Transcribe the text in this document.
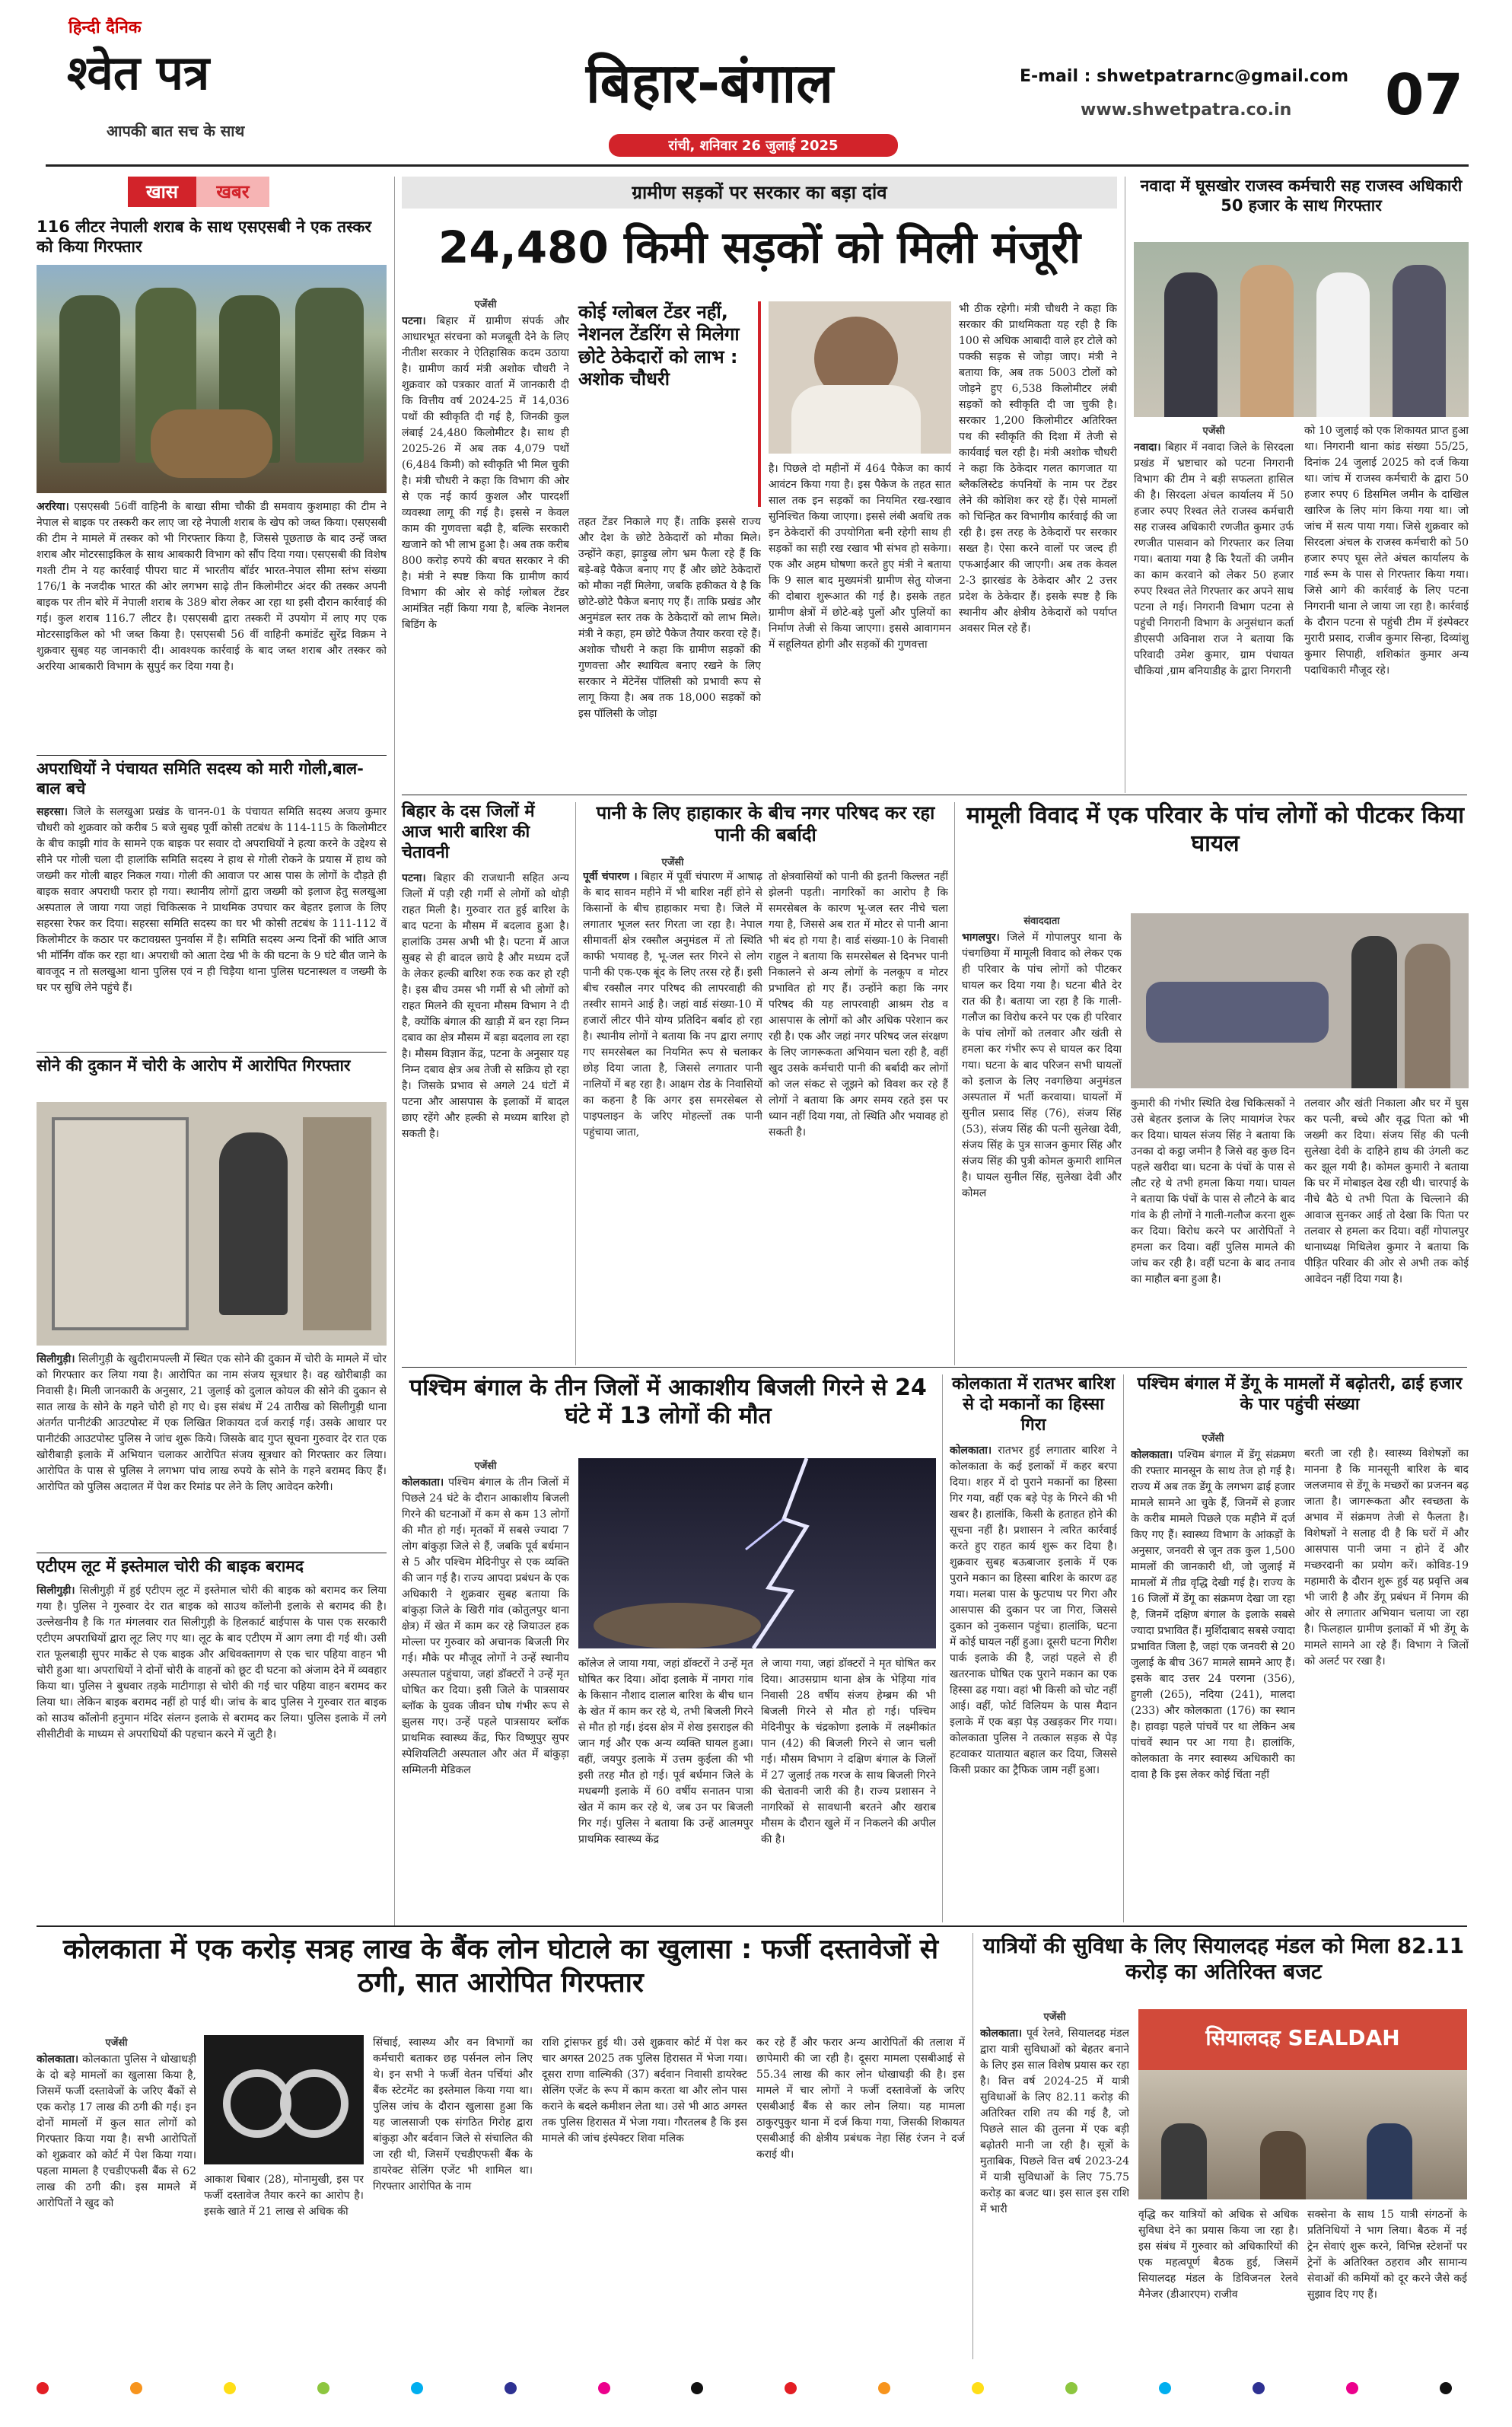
हिन्दी दैनिक
श्वेत पत्र
आपकी बात सच के साथ
बिहार-बंगाल
रांची, शनिवार 26 जुलाई 2025
E-mail : shwetpatrarnc@gmail.com
www.shwetpatra.co.in 07
खास	खबर
116 लीटर नेपाली शराब के साथ एसएसबी ने एक तस्कर को किया गिरफ्तार
अररिया। एसएसबी 56वीं वाहिनी के बाखा सीमा चौकी डी समवाय कुशमाहा की टीम ने नेपाल से बाइक पर तस्करी कर लाए जा रहे नेपाली शराब के खेप को जब्त किया। एसएसबी की टीम ने मामले में तस्कर को भी गिरफ्तार किया है, जिससे पूछताछ के बाद उन्हें जब्त शराब और मोटरसाइकिल के साथ आबकारी विभाग को सौंप दिया गया। एसएसबी की विशेष गश्ती टीम ने यह कार्रवाई पीपरा घाट में भारतीय बॉर्डर भारत-नेपाल सीमा स्तंभ संख्या 176/1 के नजदीक भारत की ओर लगभग साढ़े तीन किलोमीटर अंदर की तस्कर अपनी बाइक पर तीन बोरे में नेपाली शराब के 389 बोरा लेकर आ रहा था इसी दौरान कार्रवाई की गई। कुल शराब 116.7 लीटर है। एसएसबी द्वारा तस्करी में उपयोग में लाए गए एक मोटरसाइकिल को भी जब्त किया है। एसएसबी 56 वीं वाहिनी कमांडेंट सुरेंद्र विक्रम ने शुक्रवार सुबह यह जानकारी दी। आवश्यक कार्रवाई के बाद जब्त शराब और तस्कर को अररिया आबकारी विभाग के सुपुर्द कर दिया गया है।
अपराधियों ने पंचायत समिति सदस्य को मारी गोली,बाल-बाल बचे
सहरसा। जिले के सलखुआ प्रखंड के चानन-01 के पंचायत समिति सदस्य अजय कुमार चौधरी को शुक्रवार को करीब 5 बजे सुबह पूर्वी कोसी तटबंध के 114-115 के किलोमीटर के बीच काझी गांव के सामने एक बाइक पर सवार दो अपराधियों ने हत्या करने के उद्देश्य से सीने पर गोली चला दी हालांकि समिति सदस्य ने हाथ से गोली रोकने के प्रयास में हाथ को जख्मी कर गोली बाहर निकल गया। गोली की आवाज पर आस पास के लोगों के दौड़ते ही बाइक सवार अपराधी फरार हो गया। स्थानीय लोगों द्वारा जख्मी को इलाज हेतु सलखुआ अस्पताल ले जाया गया जहां चिकित्सक ने प्राथमिक उपचार कर बेहतर इलाज के लिए सहरसा रेफर कर दिया। सहरसा समिति सदस्य का घर भी कोसी तटबंध के 111-112 वें किलोमीटर के कठार पर कटावग्रस्त पुनर्वास में है। समिति सदस्य अन्य दिनों की भांति आज भी मॉर्निंग वॉक कर रहा था। अपराधी को आता देख भी के की घटना के 9 घंटे बीत जाने के बावजूद न तो सलखुआ थाना पुलिस एवं न ही चिड़ैया थाना पुलिस घटनास्थल व जख्मी के घर पर सुधि लेने पहुंचे हैं।
सोने की दुकान में चोरी के आरोप में आरोपित गिरफ्तार
सिलीगुड़ी। सिलीगुड़ी के खुदीरामपल्ली में स्थित एक सोने की दुकान में चोरी के मामले में चोर को गिरफ्तार कर लिया गया है। आरोपित का नाम संजय सूत्रधार है। वह खोरीबाड़ी का निवासी है। मिली जानकारी के अनुसार, 21 जुलाई को दुलाल कोयल की सोने की दुकान से सात लाख के सोने के गहने चोरी हो गए थे। इस संबंध में 24 तारीख को सिलीगुड़ी थाना अंतर्गत पानीटंकी आउटपोस्ट में एक लिखित शिकायत दर्ज कराई गई। उसके आधार पर पानीटंकी आउटपोस्ट पुलिस ने जांच शुरू किये। जिसके बाद गुप्त सूचना गुरुवार देर रात एक खोरीबाड़ी इलाके में अभियान चलाकर आरोपित संजय सूत्रधार को गिरफ्तार कर लिया। आरोपित के पास से पुलिस ने लगभग पांच लाख रुपये के सोने के गहने बरामद किए हैं। आरोपित को पुलिस अदालत में पेश कर रिमांड पर लेने के लिए आवेदन करेगी।
एटीएम लूट में इस्तेमाल चोरी की बाइक बरामद
सिलीगुड़ी। सिलीगुड़ी में हुई एटीएम लूट में इस्तेमाल चोरी की बाइक को बरामद कर लिया गया है। पुलिस ने गुरुवार देर रात बाइक को साउथ कॉलोनी इलाके से बरामद की है। उल्लेखनीय है कि गत मंगलवार रात सिलीगुड़ी के हिलकार्ट बाईपास के पास एक सरकारी एटीएम अपराधियों द्वारा लूट लिए गए था। लूट के बाद एटीएम में आग लगा दी गई थी। उसी रात फूलबाड़ी सुपर मार्केट से एक बाइक और अधिवक्तागण से एक चार पहिया वाहन भी चोरी हुआ था। अपराधियों ने दोनों चोरी के वाहनों को छूट दी घटना को अंजाम देने में व्यवहार किया था। पुलिस ने बुधवार तड़के माटीगाड़ा से चोरी की गई चार पहिया वाहन बरामद कर लिया था। लेकिन बाइक बरामद नहीं हो पाई थी। जांच के बाद पुलिस ने गुरुवार रात बाइक को साउथ कॉलोनी हनुमान मंदिर संलग्न इलाके से बरामद कर लिया। पुलिस इलाके में लगे सीसीटीवी के माध्यम से अपराधियों की पहचान करने में जुटी है।
ग्रामीण सड़कों पर सरकार का बड़ा दांव
24,480 किमी सड़कों को मिली मंजूरी
एजेंसी
पटना। बिहार में ग्रामीण संपर्क और आधारभूत संरचना को मजबूती देने के लिए नीतीश सरकार ने ऐतिहासिक कदम उठाया है। ग्रामीण कार्य मंत्री अशोक चौधरी ने शुक्रवार को पत्रकार वार्ता में जानकारी दी कि वित्तीय वर्ष 2024-25 में 14,036 पथों की स्वीकृति दी गई है, जिनकी कुल लंबाई 24,480 किलोमीटर है। साथ ही 2025-26 में अब तक 4,079 पथों (6,484 किमी) को स्वीकृति भी मिल चुकी है। मंत्री चौधरी ने कहा कि विभाग की ओर से एक नई कार्य कुशल और पारदर्शी व्यवस्था लागू की गई है। इससे न केवल काम की गुणवत्ता बढ़ी है, बल्कि सरकारी खजाने को भी लाभ हुआ है। अब तक करीब 800 करोड़ रुपये की बचत सरकार ने की है। मंत्री ने स्पष्ट किया कि ग्रामीण कार्य विभाग की ओर से कोई ग्लोबल टेंडर आमंत्रित नहीं किया गया है, बल्कि नेशनल बिडिंग के
कोई ग्लोबल टेंडर नहीं, नेशनल टेंडरिंग से मिलेगा छोटे ठेकेदारों को लाभ : अशोक चौधरी
तहत टेंडर निकाले गए हैं। ताकि इससे राज्य और देश के छोटे ठेकेदारों को मौका मिले। उन्होंने कहा, झाड़ुख लोग भ्रम फैला रहे हैं कि बड़े-बड़े पैकेज बनाए गए हैं और छोटे ठेकेदारों को मौका नहीं मिलेगा, जबकि हकीकत ये है कि छोटे-छोटे पैकेज बनाए गए हैं। ताकि प्रखंड और अनुमंडल स्तर तक के ठेकेदारों को लाभ मिले। मंत्री ने कहा, हम छोटे पैकेज तैयार करवा रहे हैं। अशोक चौधरी ने कहा कि ग्रामीण सड़कों की गुणवत्ता और स्थायित्व बनाए रखने के लिए सरकार ने मेंटेनेंस पॉलिसी को प्रभावी रूप से लागू किया है। अब तक 18,000 सड़कों को इस पॉलिसी के जोड़ा
है। पिछले दो महीनों में 464 पैकेज का कार्य आवंटन किया गया है। इस पैकेज के तहत सात साल तक इन सड़कों का नियमित रख-रखाव सुनिश्चित किया जाएगा। इससे लंबी अवधि तक इन ठेकेदारों की उपयोगिता बनी रहेगी साथ ही सड़कों का सही रख रखाव भी संभव हो सकेगा। एक और अहम घोषणा करते हुए मंत्री ने बताया कि 9 साल बाद मुख्यमंत्री ग्रामीण सेतु योजना की दोबारा शुरूआत की गई है। इसके तहत ग्रामीण क्षेत्रों में छोटे-बड़े पुलों और पुलियों का निर्माण तेजी से किया जाएगा। इससे आवागमन में सहूलियत होगी और सड़कों की गुणवत्ता
भी ठीक रहेगी। मंत्री चौधरी ने कहा कि सरकार की प्राथमिकता यह रही है कि 100 से अधिक आबादी वाले हर टोले को पक्की सड़क से जोड़ा जाए। मंत्री ने बताया कि, अब तक 5003 टोलों को जोड़ने हुए 6,538 किलोमीटर लंबी सड़कों को स्वीकृति दी जा चुकी है। सरकार 1,200 किलोमीटर अतिरिक्त पथ की स्वीकृति की दिशा में तेजी से कार्यवाई चल रही है। मंत्री अशोक चौधरी ने कहा कि ठेकेदार गलत कागजात या ब्लैकलिस्टेड कंपनियों के नाम पर टेंडर लेने की कोशिश कर रहे हैं। ऐसे मामलों को चिन्हित कर विभागीय कार्रवाई की जा रही है। इस तरह के ठेकेदारों पर सरकार सख्त है। ऐसा करने वालों पर जल्द ही एफआईआर की जाएगी। अब तक केवल 2-3 झारखंड के ठेकेदार और 2 उत्तर प्रदेश के ठेकेदार हैं। इसके स्पष्ट है कि स्थानीय और क्षेत्रीय ठेकेदारों को पर्याप्त अवसर मिल रहे हैं।
नवादा में घूसखोर राजस्व कर्मचारी सह राजस्व अधिकारी 50 हजार के साथ गिरफ्तार
एजेंसी
नवादा। बिहार में नवादा जिले के सिरदला प्रखंड में भ्रष्टाचार को पटना निगरानी विभाग की टीम ने बड़ी सफलता हासिल की है। सिरदला अंचल कार्यालय में 50 हजार रुपए रिश्वत लेते राजस्व कर्मचारी सह राजस्व अधिकारी रणजीत कुमार उर्फ रणजीत पासवान को गिरफ्तार कर लिया गया। बताया गया है कि रैयतों की जमीन का काम करवाने को लेकर 50 हजार रुपए रिश्वत लेते गिरफ्तार कर अपने साथ पटना ले गई। निगरानी विभाग पटना से पहुंची निगरानी विभाग के अनुसंधान कर्ता डीएसपी अविनाश राज ने बताया कि परिवादी उमेश कुमार, ग्राम पंचायत चौकियां ,ग्राम बनियाडीह के द्वारा निगरानी
को 10 जुलाई को एक शिकायत प्राप्त हुआ था। निगरानी थाना कांड संख्या 55/25, दिनांक 24 जुलाई 2025 को दर्ज किया था। जांच में राजस्व कर्मचारी के द्वारा 50 हजार रुपए 6 डिसमिल जमीन के दाखिल खारिज के लिए मांग किया गया था। जो जांच में सत्य पाया गया। जिसे शुक्रवार को सिरदला अंचल के राजस्व कर्मचारी को 50 हजार रुपए घूस लेते अंचल कार्यालय के गार्ड रूम के पास से गिरफ्तार किया गया। जिसे आगे की कार्रवाई के लिए पटना निगरानी थाना ले जाया जा रहा है। कार्रवाई के दौरान पटना से पहुंची टीम में इंस्पेक्टर मुरारी प्रसाद, राजीव कुमार सिन्हा, दिव्यांशु कुमार सिपाही, शशिकांत कुमार अन्य पदाधिकारी मौजूद रहे।
बिहार के दस जिलों में आज भारी बारिश की चेतावनी
पटना। बिहार की राजधानी सहित अन्य जिलों में पड़ी रही गर्मी से लोगों को थोड़ी राहत मिली है। गुरुवार रात हुई बारिश के बाद पटना के मौसम में बदलाव हुआ है। हालांकि उमस अभी भी है। पटना में आज सुबह से ही बादल छाये है और मध्यम दर्जे के लेकर हल्की बारिश रुक रुक कर हो रही है। इस बीच उमस भी गर्मी से भी लोगों को राहत मिलने की सूचना मौसम विभाग ने दी है, क्योंकि बंगाल की खाड़ी में बन रहा निम्न दबाव का क्षेत्र मौसम में बड़ा बदलाव ला रहा है। मौसम विज्ञान केंद्र, पटना के अनुसार यह निम्न दबाव क्षेत्र अब तेजी से सक्रिय हो रहा है। जिसके प्रभाव से अगले 24 घंटों में पटना और आसपास के इलाकों में बादल छाए रहेंगे और हल्की से मध्यम बारिश हो सकती है।
पानी के लिए हाहाकार के बीच नगर परिषद कर रहा पानी की बर्बादी
एजेंसी
पूर्वी चंपारण । बिहार में पूर्वी चंपारण में आषाढ़ के बाद सावन महीने में भी बारिश नहीं होने से किसानों के बीच हाहाकार मचा है। जिले में लगातार भूजल स्तर गिरता जा रहा है। नेपाल सीमावर्ती क्षेत्र रक्सौल अनुमंडल में तो स्थिति काफी भयावह है, भू-जल स्तर गिरने से लोग पानी की एक-एक बूंद के लिए तरस रहे हैं। इसी बीच रक्सौल नगर परिषद की लापरवाही की तस्वीर सामने आई है। जहां वार्ड संख्या-10 में हजारों लीटर पीने योग्य प्रतिदिन बर्बाद हो रहा है। स्थानीय लोगों ने बताया कि नप द्वारा लगाए गए समरसेबल का नियमित रूप से चलाकर छोड़ दिया जाता है, जिससे लगातार पानी नालियों में बह रहा है। आक्षम रोड के निवासियों का कहना है कि अगर इस समरसेबल से पाइपलाइन के जरिए मोहल्लों तक पानी पहुंचाया जाता,
तो क्षेत्रवासियों को पानी की इतनी किल्लत नहीं झेलनी पड़ती। नागरिकों का आरोप है कि समरसेबल के कारण भू-जल स्तर नीचे चला गया है, जिससे अब रात में मोटर से पानी आना भी बंद हो गया है। वार्ड संख्या-10 के निवासी राहुल ने बताया कि समरसेबल से दिनभर पानी निकालने से अन्य लोगों के नलकूप व मोटर प्रभावित हो गए हैं। उन्होंने कहा कि नगर परिषद की यह लापरवाही आश्रम रोड व आसपास के लोगों को और अधिक परेशान कर रही है। एक और जहां नगर परिषद जल संरक्षण के लिए जागरूकता अभियान चला रही है, वहीं खुद उसके कर्मचारी पानी की बर्बादी कर लोगों को जल संकट से जूझने को विवश कर रहे हैं लोगों ने बताया कि अगर समय रहते इस पर ध्यान नहीं दिया गया, तो स्थिति और भयावह हो सकती है।
मामूली विवाद में एक परिवार के पांच लोगों को पीटकर किया घायल
संवाददाता
भागलपुर। जिले में गोपालपुर थाना के पंचगछिया में मामूली विवाद को लेकर एक ही परिवार के पांच लोगों को पीटकर घायल कर दिया गया है। घटना बीते देर रात की है। बताया जा रहा है कि गाली-गलौज का विरोध करने पर एक ही परिवार के पांच लोगों को तलवार और खंती से हमला कर गंभीर रूप से घायल कर दिया गया। घटना के बाद परिजन सभी घायलों को इलाज के लिए नवगछिया अनुमंडल अस्पताल में भर्ती करवाया। घायलों में सुनील प्रसाद सिंह (76), संजय सिंह (53), संजय सिंह की पत्नी सुलेखा देवी, संजय सिंह के पुत्र साजन कुमार सिंह और संजय सिंह की पुत्री कोमल कुमारी शामिल है। घायल सुनील सिंह, सुलेखा देवी और कोमल
कुमारी की गंभीर स्थिति देख चिकित्सकों ने उसे बेहतर इलाज के लिए मायागंज रेफर कर दिया। घायल संजय सिंह ने बताया कि उनका दो कट्ठा जमीन है जिसे वह कुछ दिन पहले खरीदा था। घटना के पंचों के पास से लौट रहे थे तभी हमला किया गया। घायल ने बताया कि पंचों के पास से लौटने के बाद गांव के ही लोगों ने गाली-गलौज करना शुरू कर दिया। विरोध करने पर आरोपितों ने हमला कर दिया। वहीं पुलिस मामले की जांच कर रही है। वहीं घटना के बाद तनाव का माहौल बना हुआ है।
तलवार और खंती निकाला और घर में घुस कर पत्नी, बच्चे और वृद्ध पिता को भी जख्मी कर दिया। संजय सिंह की पत्नी सुलेखा देवी के दाहिने हाथ की उंगली कट कर झूल गयी है। कोमल कुमारी ने बताया कि घर में मोबाइल देख रही थी। चारपाई के नीचे बैठे थे तभी पिता के चिल्लाने की आवाज सुनकर आई तो देखा कि पिता पर तलवार से हमला कर दिया। वहीं गोपालपुर थानाध्यक्ष मिथिलेश कुमार ने बताया कि पीड़ित परिवार की ओर से अभी तक कोई आवेदन नहीं दिया गया है।
पश्चिम बंगाल के तीन जिलों में आकाशीय बिजली गिरने से 24 घंटे में 13 लोगों की मौत
एजेंसी
कोलकाता। पश्चिम बंगाल के तीन जिलों में पिछले 24 घंटे के दौरान आकाशीय बिजली गिरने की घटनाओं में कम से कम 13 लोगों की मौत हो गई। मृतकों में सबसे ज्यादा 7 लोग बांकुड़ा जिले से हैं, जबकि पूर्व बर्धमान से 5 और पश्चिम मेदिनीपुर से एक व्यक्ति की जान गई है। राज्य आपदा प्रबंधन के एक अधिकारी ने शुक्रवार सुबह बताया कि बांकुड़ा जिले के खिरी गांव (कोतुलपुर थाना क्षेत्र) में खेत में काम कर रहे जियाउल हक मोल्ला पर गुरुवार को अचानक बिजली गिर गई। मौके पर मौजूद लोगों ने उन्हें स्थानीय अस्पताल पहुंचाया, जहां डॉक्टरों ने उन्हें मृत घोषित कर दिया। इसी जिले के पात्रसायर ब्लॉक के युवक जीवन घोष गंभीर रूप से झुलस गए। उन्हें पहले पात्रसायर ब्लॉक प्राथमिक स्वास्थ्य केंद्र, फिर विष्णुपुर सुपर स्पेशियलिटी अस्पताल और अंत में बांकुड़ा सम्मिलनी मेडिकल
कॉलेज ले जाया गया, जहां डॉक्टरों ने उन्हें मृत घोषित कर दिया। ओंदा इलाके में नागरा गांव के किसान नौशाद दालाल बारिश के बीच धान के खेत में काम कर रहे थे, तभी बिजली गिरने से मौत हो गई। इंदस क्षेत्र में शेख इसराइल की जान गई और एक अन्य व्यक्ति घायल हुआ। वहीं, जयपुर इलाके में उत्तम कुईला की भी इसी तरह मौत हो गई। पूर्व बर्धमान जिले के मधबग्गी इलाके में 60 वर्षीय सनातन पात्रा खेत में काम कर रहे थे, जब उन पर बिजली गिर गई। पुलिस ने बताया कि उन्हें आलमपुर प्राथमिक स्वास्थ्य केंद्र
ले जाया गया, जहां डॉक्टरों ने मृत घोषित कर दिया। आउसग्राम थाना क्षेत्र के भेड़िया गांव निवासी 28 वर्षीय संजय हेम्ब्रम की भी बिजली गिरने से मौत हो गई। पश्चिम मेदिनीपुर के चंद्रकोणा इलाके में लक्ष्मीकांत पान (42) की बिजली गिरने से जान चली गई। मौसम विभाग ने दक्षिण बंगाल के जिलों में 27 जुलाई तक गरज के साथ बिजली गिरने की चेतावनी जारी की है। राज्य प्रशासन ने नागरिकों से सावधानी बरतने और खराब मौसम के दौरान खुले में न निकलने की अपील की है।
कोलकाता में रातभर बारिश से दो मकानों का हिस्सा गिरा
कोलकाता। रातभर हुई लगातार बारिश ने कोलकाता के कई इलाकों में कहर बरपा दिया। शहर में दो पुराने मकानों का हिस्सा गिर गया, वहीं एक बड़े पेड़ के गिरने की भी खबर है। हालांकि, किसी के हताहत होने की सूचना नहीं है। प्रशासन ने त्वरित कार्रवाई करते हुए राहत कार्य शुरू कर दिया है। शुक्रवार सुबह बऊबाजार इलाके में एक पुराने मकान का हिस्सा बारिश के कारण ढह गया। मलबा पास के फुटपाथ पर गिरा और आसपास की दुकान पर जा गिरा, जिससे दुकान को नुकसान पहुंचा। हालांकि, घटना में कोई घायल नहीं हुआ। दूसरी घटना गिरीश पार्क इलाके की है, जहां पहले से ही खतरनाक घोषित एक पुराने मकान का एक हिस्सा ढह गया। वहां भी किसी को चोट नहीं आई। वहीं, फोर्ट विलियम के पास मैदान इलाके में एक बड़ा पेड़ उखड़कर गिर गया। कोलकाता पुलिस ने तत्काल सड़क से पेड़ हटवाकर यातायात बहाल कर दिया, जिससे किसी प्रकार का ट्रैफिक जाम नहीं हुआ।
पश्चिम बंगाल में डेंगू के मामलों में बढ़ोतरी, ढाई हजार के पार पहुंची संख्या
एजेंसी
कोलकाता। पश्चिम बंगाल में डेंगू संक्रमण की रफ्तार मानसून के साथ तेज हो गई है। राज्य में अब तक डेंगू के लगभग ढाई हजार मामले सामने आ चुके हैं, जिनमें से हजार के करीब मामले पिछले एक महीने में दर्ज किए गए हैं। स्वास्थ्य विभाग के आंकड़ों के अनुसार, जनवरी से जून तक कुल 1,500 मामलों की जानकारी थी, जो जुलाई में मामलों में तीव्र वृद्धि देखी गई है। राज्य के 16 जिलों में डेंगू का संक्रमण देखा जा रहा है, जिनमें दक्षिण बंगाल के इलाके सबसे ज्यादा प्रभावित हैं। मुर्शिदाबाद सबसे ज्यादा प्रभावित जिला है, जहां एक जनवरी से 20 जुलाई के बीच 367 मामले सामने आए हैं। इसके बाद उत्तर 24 परगना (356), हुगली (265), नदिया (241), मालदा (233) और कोलकाता (176) का स्थान है। हावड़ा पहले पांचवें पर था लेकिन अब पांचवें स्थान पर आ गया है। हालांकि, कोलकाता के नगर स्वास्थ्य अधिकारी का दावा है कि इस लेकर कोई चिंता नहीं
बरती जा रही है। स्वास्थ्य विशेषज्ञों का मानना है कि मानसूनी बारिश के बाद जलजमाव से डेंगू के मच्छरों का प्रजनन बढ़ जाता है। जागरूकता और स्वच्छता के अभाव में संक्रमण तेजी से फैलता है। विशेषज्ञों ने सलाह दी है कि घरों में और आसपास पानी जमा न होने दें और मच्छरदानी का प्रयोग करें। कोविड-19 महामारी के दौरान शुरू हुई यह प्रवृत्ति अब भी जारी है और डेंगू प्रबंधन में निगम की ओर से लगातार अभियान चलाया जा रहा है। फिलहाल ग्रामीण इलाकों में भी डेंगू के मामले सामने आ रहे हैं। विभाग ने जिलों को अलर्ट पर रखा है।
कोलकाता में एक करोड़ सत्रह लाख के बैंक लोन घोटाले का खुलासा : फर्जी दस्तावेजों से ठगी, सात आरोपित गिरफ्तार
एजेंसी
कोलकाता। कोलकाता पुलिस ने धोखाधड़ी के दो बड़े मामलों का खुलासा किया है, जिसमें फर्जी दस्तावेजों के जरिए बैंकों से एक करोड़ 17 लाख की ठगी की गई। इन दोनों मामलों में कुल सात लोगों को गिरफ्तार किया गया है। सभी आरोपितों को शुक्रवार को कोर्ट में पेश किया गया। पहला मामला है एचडीएफसी बैंक से 62 लाख की ठगी की। इस मामले में आरोपितों ने खुद को
सिंचाई, स्वास्थ्य और वन विभागों का कर्मचारी बताकर छह पर्सनल लोन लिए थे। इन सभी ने फर्जी वेतन पर्चियां और बैंक स्टेटमेंट का इस्तेमाल किया गया था। पुलिस जांच के दौरान खुलासा हुआ कि यह जालसाजी एक संगठित गिरोह द्वारा बांकुड़ा और बर्दवान जिले से संचालित की जा रही थी, जिसमें एचडीएफसी बैंक के डायरेक्ट सेलिंग एजेंट भी शामिल था। गिरफ्तार आरोपित के नाम
आकाश धिबार (28), मोनामुखी, इस पर फर्जी दस्तावेज तैयार करने का आरोप है। इसके खाते में 21 लाख से अधिक की
राशि ट्रांसफर हुई थी। उसे शुक्रवार कोर्ट में पेश कर चार अगस्त 2025 तक पुलिस हिरासत में भेजा गया। दूसरा राणा वाल्मिकी (37) बर्दवान निवासी डायरेक्ट सेलिंग एजेंट के रूप में काम करता था और लोन पास कराने के बदले कमीशन लेता था। उसे भी आठ अगस्त तक पुलिस हिरासत में भेजा गया। गौरतलब है कि इस मामले की जांच इंस्पेक्टर शिवा मलिक
कर रहे हैं और फरार अन्य आरोपितों की तलाश में छापेमारी की जा रही है। दूसरा मामला एसबीआई से 55.34 लाख की कार लोन धोखाधड़ी की है। इस मामले में चार लोगों ने फर्जी दस्तावेजों के जरिए एसबीआई बैंक से कार लोन लिया। यह मामला ठाकुरपुकुर थाना में दर्ज किया गया, जिसकी शिकायत एसबीआई की क्षेत्रीय प्रबंधक नेहा सिंह रंजन ने दर्ज कराई थी।
यात्रियों की सुविधा के लिए सियालदह मंडल को मिला 82.11 करोड़ का अतिरिक्त बजट
एजेंसी
कोलकाता। पूर्व रेलवे, सियालदह मंडल द्वारा यात्री सुविधाओं को बेहतर बनाने के लिए इस साल विशेष प्रयास कर रहा है। वित्त वर्ष 2024-25 में यात्री सुविधाओं के लिए 82.11 करोड़ की अतिरिक्त राशि तय की गई है, जो पिछले साल की तुलना में एक बड़ी बढ़ोतरी मानी जा रही है। सूत्रों के मुताबिक, पिछले वित्त वर्ष 2023-24 में यात्री सुविधाओं के लिए 75.75 करोड़ का बजट था। इस साल इस राशि में भारी
सियालदह SEALDAH
वृद्धि कर यात्रियों को अधिक से अधिक सुविधा देने का प्रयास किया जा रहा है। इस संबंध में गुरुवार को अधिकारियों की एक महत्वपूर्ण बैठक हुई, जिसमें सियालदह मंडल के डिविजनल रेलवे मैनेजर (डीआरएम) राजीव
सक्सेना के साथ 15 यात्री संगठनों के प्रतिनिधियों ने भाग लिया। बैठक में नई ट्रेन सेवाएं शुरू करने, विभिन्न स्टेशनों पर ट्रेनों के अतिरिक्त ठहराव और सामान्य सेवाओं की कमियों को दूर करने जैसे कई सुझाव दिए गए हैं।
